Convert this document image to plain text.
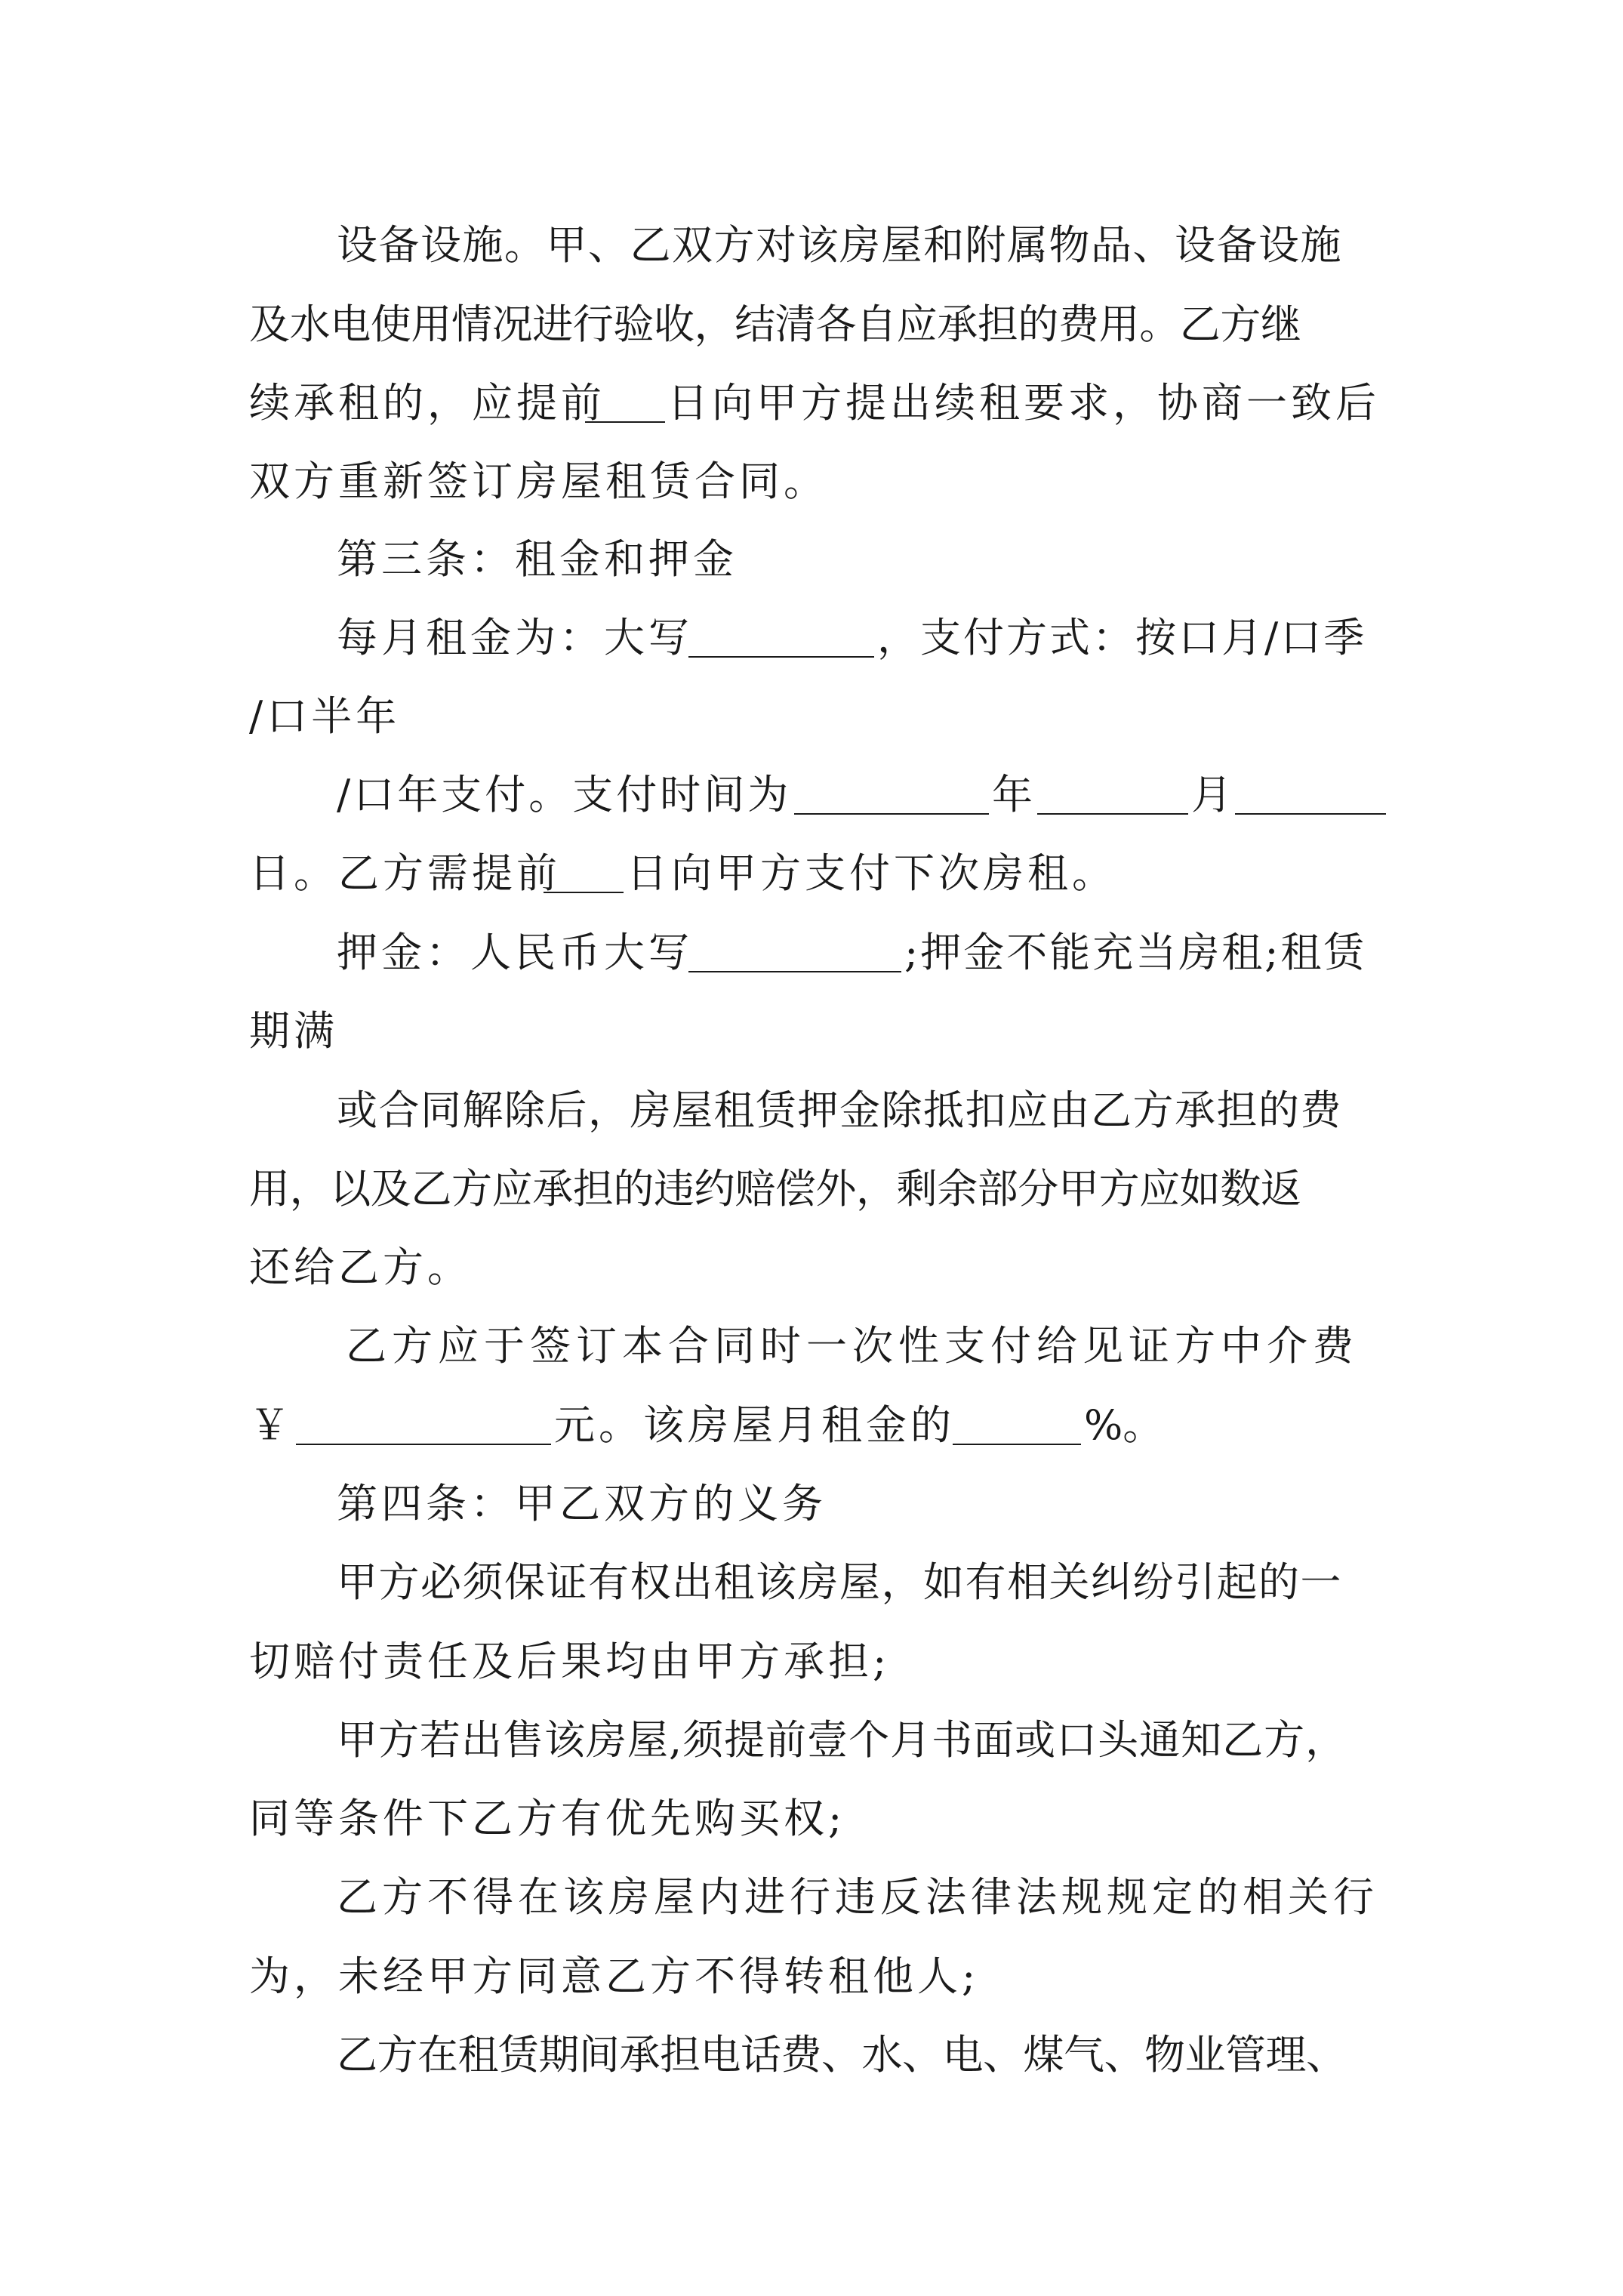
设备设施。甲、乙双方对该房屋和附属物品、设备设施
及水电使用情况进行验收，结清各自应承担的费用。乙方继
续承租的，应提前 日向甲方提出续租要求，协商一致后
双方重新签订房屋租赁合同。
第三条：租金和押金
每月租金为：大写	，支付方式：按口月/口季
/口半年
/口年支付。支付时间为	年	月
日。乙方需提前 日向甲方支付下次房租。
押金：人民币大写	;押金不能充当房租;租赁
期满
或合同解除后，房屋租赁押金除抵扣应由乙方承担的费
用，以及乙方应承担的违约赔偿外，剩余部分甲方应如数返
还给乙方。
乙方应于签订本合同时一次性支付给见证方中介费
￥	元。该房屋月租金的	%。
第四条：甲乙双方的义务
甲方必须保证有权出租该房屋，如有相关纠纷引起的一
切赔付责任及后果均由甲方承担;
甲方若出售该房屋,须提前壹个月书面或口头通知乙方，
同等条件下乙方有优先购买权;
乙方不得在该房屋内进行违反法律法规规定的相关行
为，未经甲方同意乙方不得转租他人;
乙方在租赁期间承担电话费、水、电、煤气、物业管理、
